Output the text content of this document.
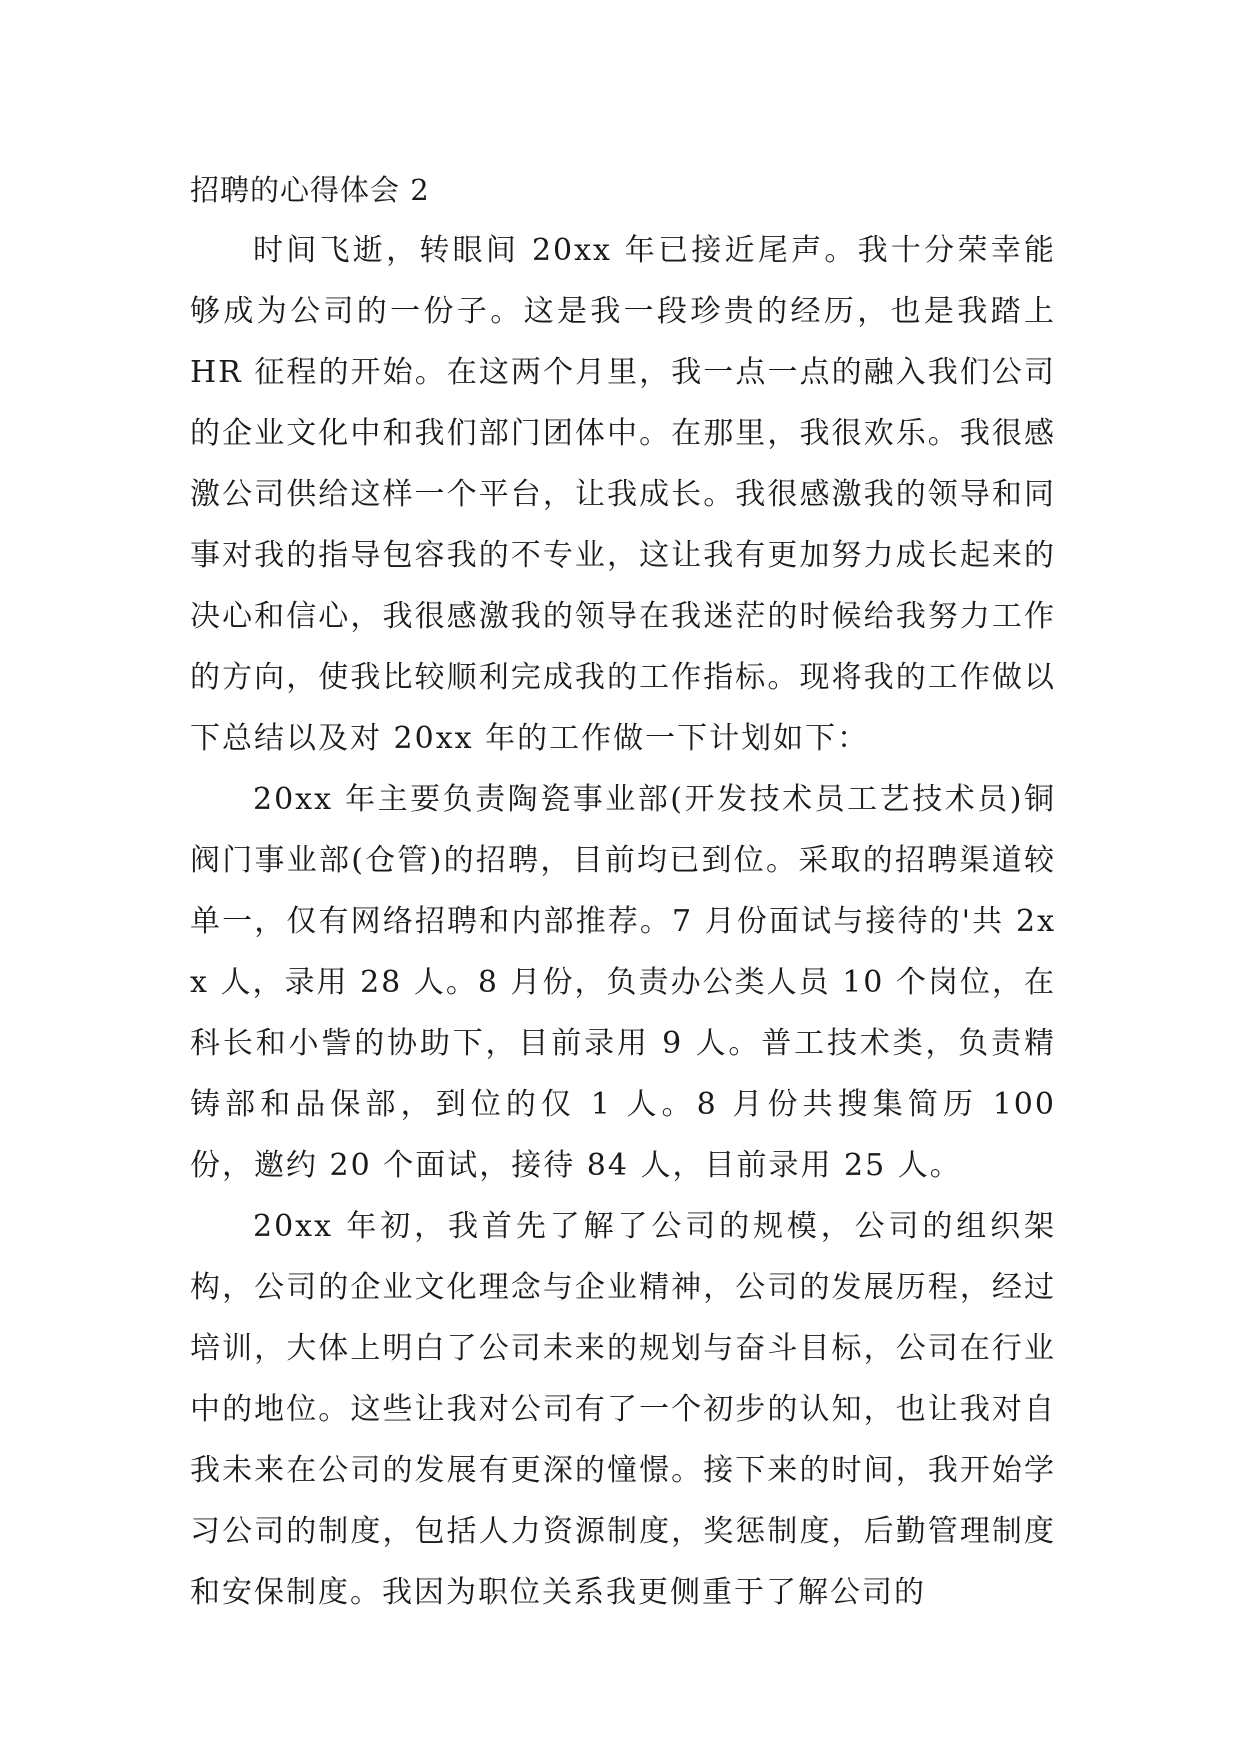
招聘的心得体会 2

时间飞逝，转眼间 20xx 年已接近尾声。我十分荣幸能够成为公司的一份子。这是我一段珍贵的经历，也是我踏上 HR 征程的开始。在这两个月里，我一点一点的融入我们公司的企业文化中和我们部门团体中。在那里，我很欢乐。我很感激公司供给这样一个平台，让我成长。我很感激我的领导和同事对我的指导包容我的不专业，这让我有更加努力成长起来的决心和信心，我很感激我的领导在我迷茫的时候给我努力工作的方向，使我比较顺利完成我的工作指标。现将我的工作做以下总结以及对 20xx 年的工作做一下计划如下：

20xx 年主要负责陶瓷事业部(开发技术员工艺技术员)铜阀门事业部(仓管)的招聘，目前均已到位。采取的招聘渠道较单一，仅有网络招聘和内部推荐。7 月份面试与接待的'共 2xx 人，录用 28 人。8 月份，负责办公类人员 10 个岗位，在科长和小訾的协助下，目前录用 9 人。普工技术类，负责精铸部和品保部，到位的仅 1 人。8 月份共搜集简历 100 份，邀约 20 个面试，接待 84 人，目前录用 25 人。

20xx 年初，我首先了解了公司的规模，公司的组织架构，公司的企业文化理念与企业精神，公司的发展历程，经过培训，大体上明白了公司未来的规划与奋斗目标，公司在行业中的地位。这些让我对公司有了一个初步的认知，也让我对自我未来在公司的发展有更深的憧憬。接下来的时间，我开始学习公司的制度，包括人力资源制度，奖惩制度，后勤管理制度和安保制度。我因为职位关系我更侧重于了解公司的
